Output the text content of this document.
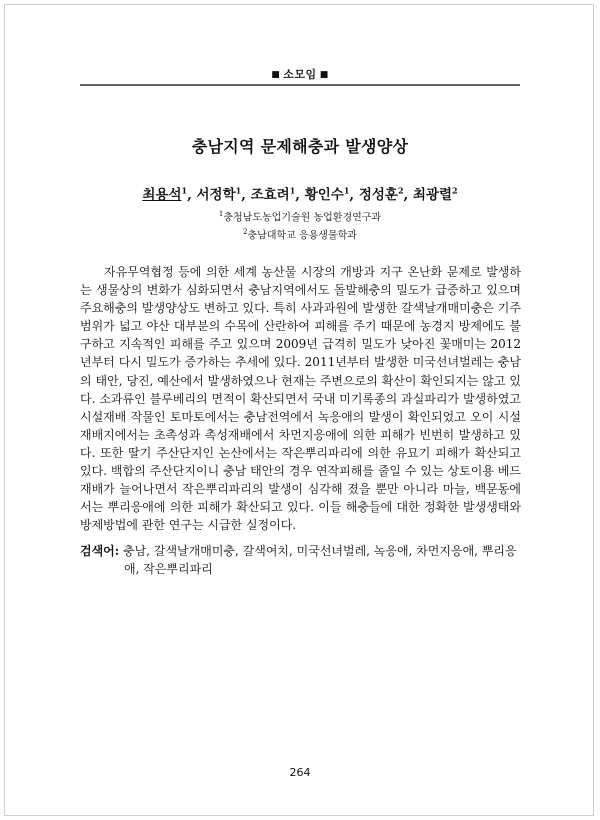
■ 소모임 ■
충남지역 문제해충과 발생양상
최용석$^1$, 서정학$^1$, 조효려$^1$, 황인수$^1$, 정성훈$^2$, 최광렬$^2$
$^1$충청남도농업기술원 농업환경연구과
$^2$충남대학교 응용생물학과
자유무역협정 등에 의한 세계 농산물 시장의 개방과 지구 온난화 문제로 발생하는 생물상의 변화가 심화되면서 충남지역에서도 돌발해충의 밀도가 급증하고 있으며 주요해충의 발생양상도 변하고 있다. 특히 사과과원에 발생한 갈색날개매미충은 기주범위가 넓고 야산 대부분의 수목에 산란하여 피해를 주기 때문에 농경지 방제에도 불구하고 지속적인 피해를 주고 있으며 2009년 급격히 밀도가 낮아진 꽃매미는 2012년부터 다시 밀도가 증가하는 추세에 있다. 2011년부터 발생한 미국선녀벌레는 충남의 태안, 당진, 예산에서 발생하였으나 현재는 주변으로의 확산이 확인되지는 않고 있다. 소과류인 블루베리의 면적이 확산되면서 국내 미기록종의 과실파리가 발생하였고 시설재배 작물인 토마토에서는 충남전역에서 녹응애의 발생이 확인되었고 오이 시설재배지에서는 초촉성과 촉성재배에서 차먼지응애에 의한 피해가 빈번히 발생하고 있다. 또한 딸기 주산단지인 논산에서는 작은뿌리파리에 의한 유묘기 피해가 확산되고 있다. 백합의 주산단지이니 충남 태안의 경우 연작피해를 줄일 수 있는 상토이용 베드재배가 늘어나면서 작은뿌리파리의 발생이 심각해 졌을 뿐만 아니라 마늘, 백문동에서는 뿌리응애에 의한 피해가 확산되고 있다. 이들 해충들에 대한 정확한 발생생태와 방제방법에 관한 연구는 시급한 실정이다.
검색어: 충남, 갈색날개매미충, 갈색여치, 미국선녀벌레, 녹응애, 차먼지응애, 뿌리응애, 작은뿌리파리
264
